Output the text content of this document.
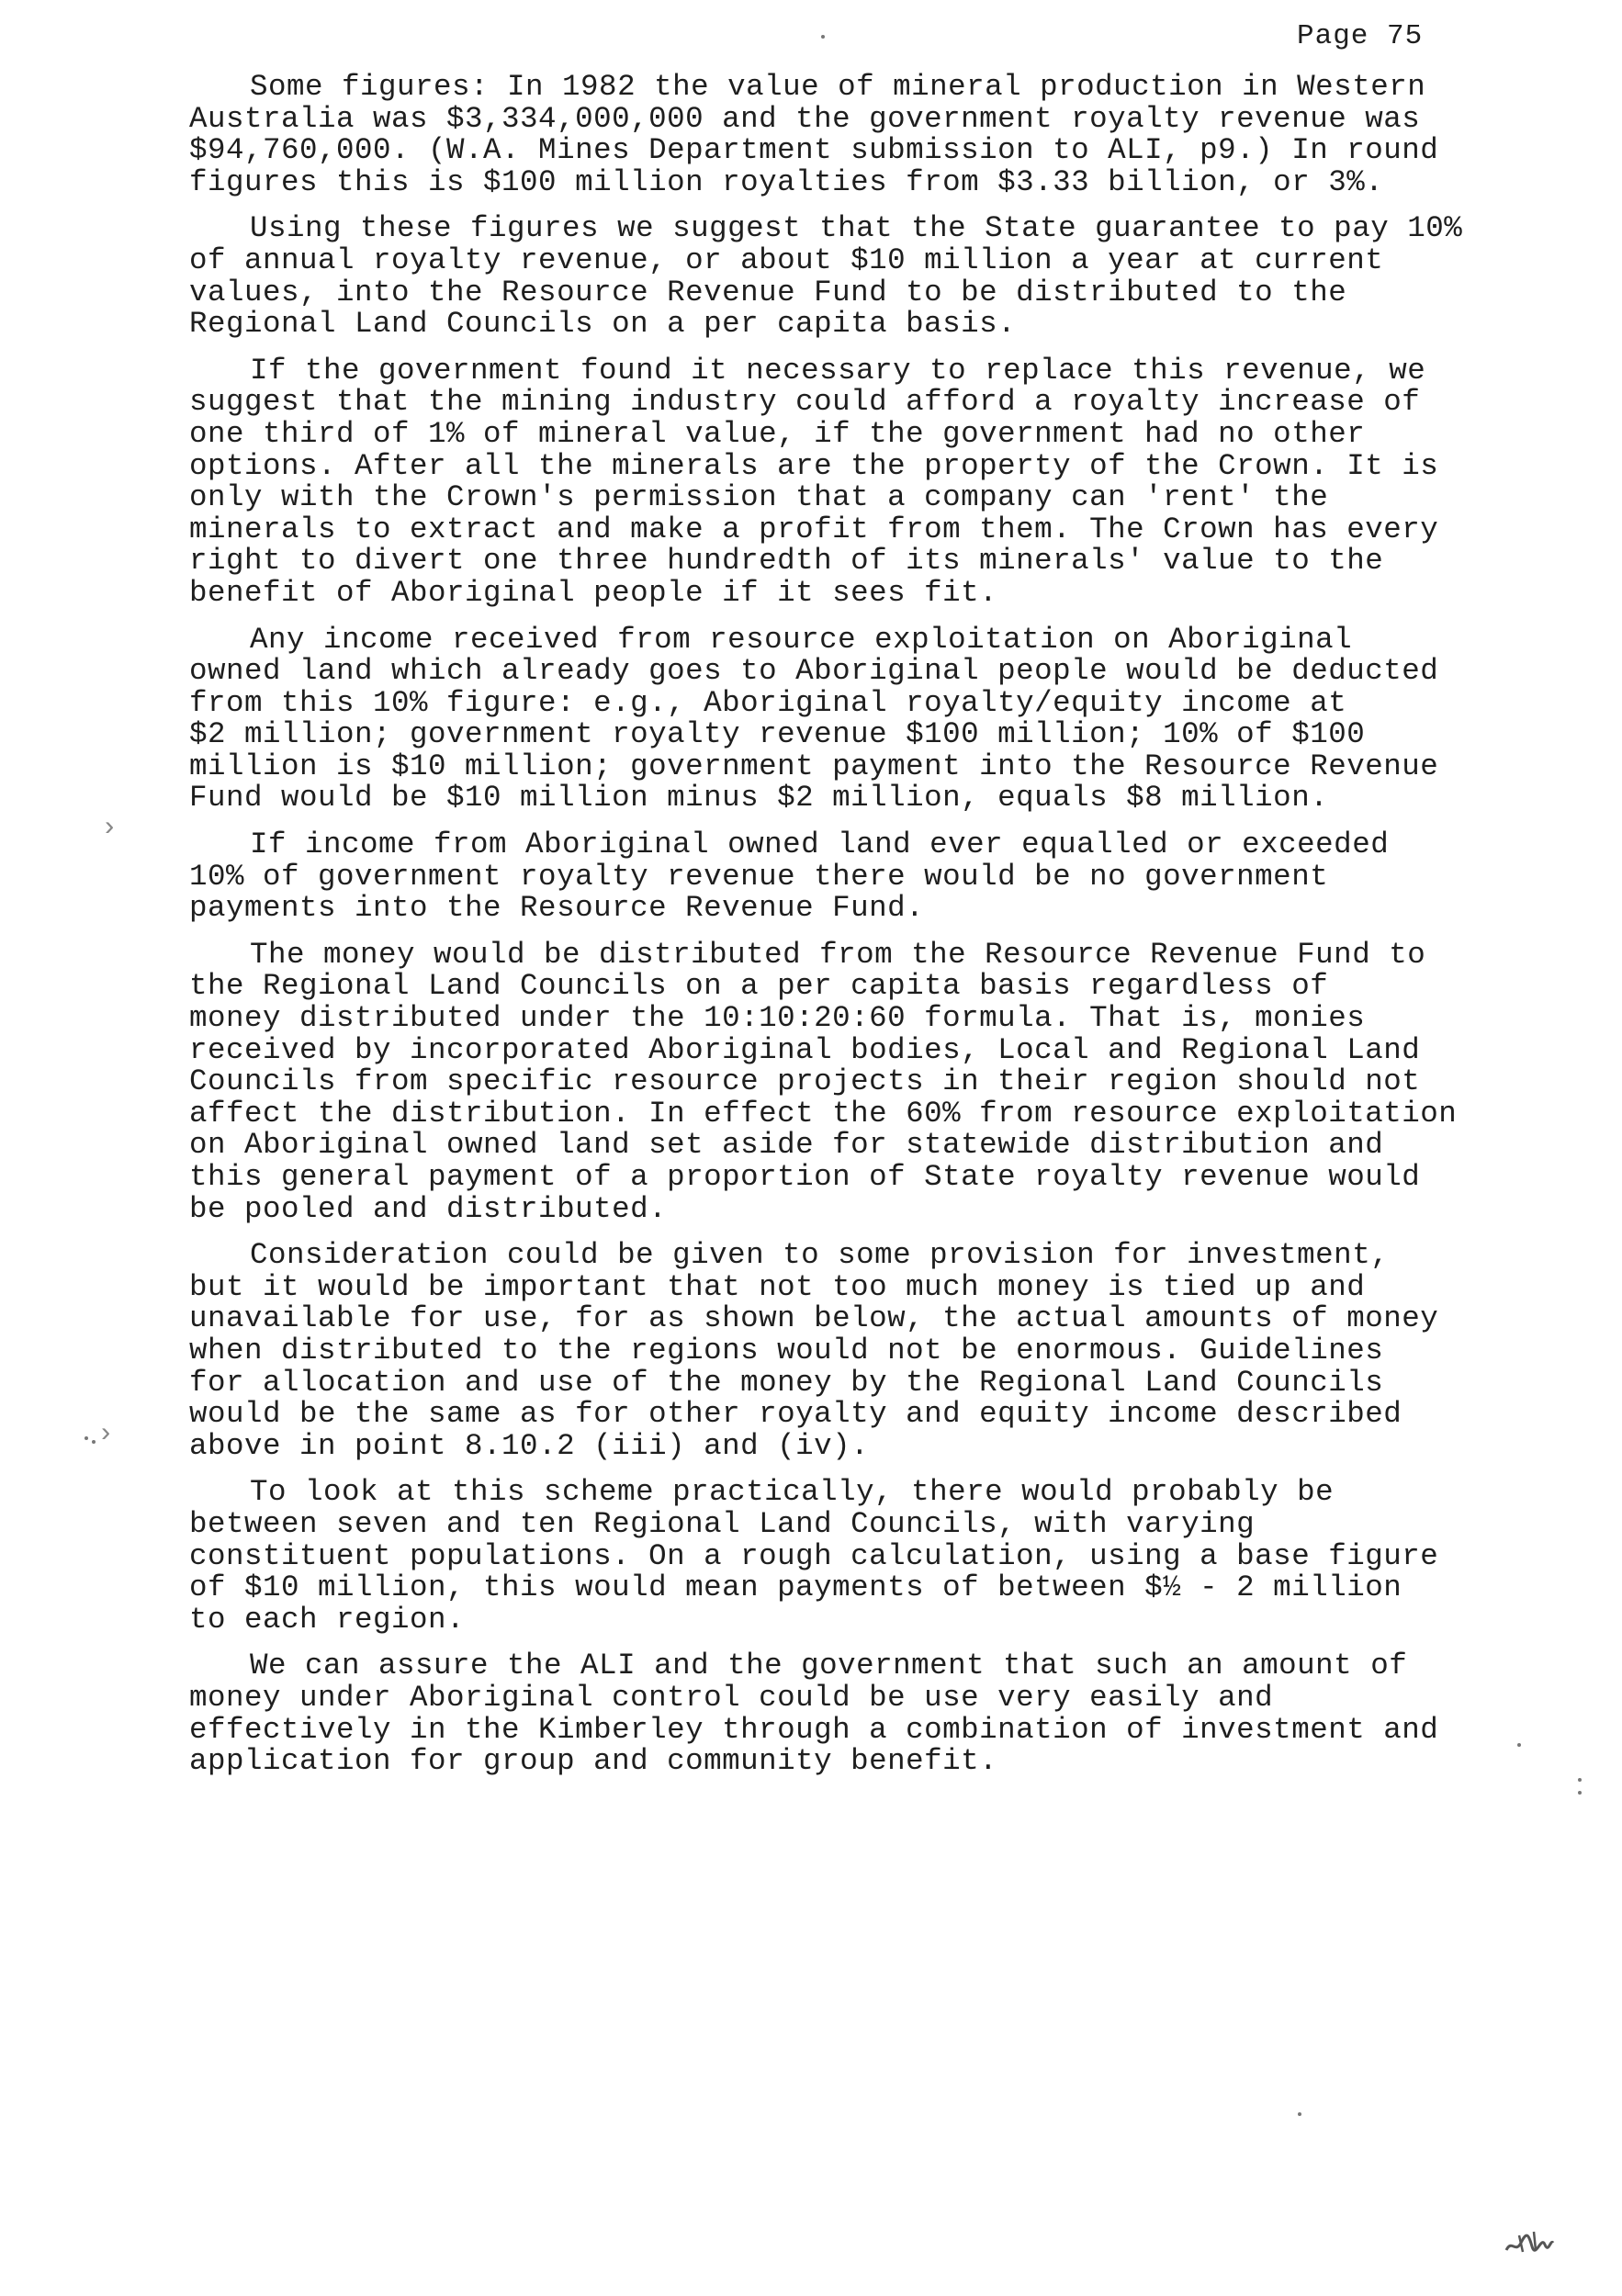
Page 75

Some figures: In 1982 the value of mineral production in Western
Australia was $3,334,000,000 and the government royalty revenue was
$94,760,000. (W.A. Mines Department submission to ALI, p9.) In round
figures this is $100 million royalties from $3.33 billion, or 3%.

Using these figures we suggest that the State guarantee to pay 10%
of annual royalty revenue, or about $10 million a year at current
values, into the Resource Revenue Fund to be distributed to the
Regional Land Councils on a per capita basis.

If the government found it necessary to replace this revenue, we
suggest that the mining industry could afford a royalty increase of
one third of 1% of mineral value, if the government had no other
options. After all the minerals are the property of the Crown. It is
only with the Crown's permission that a company can 'rent' the
minerals to extract and make a profit from them. The Crown has every
right to divert one three hundredth of its minerals' value to the
benefit of Aboriginal people if it sees fit.

Any income received from resource exploitation on Aboriginal
owned land which already goes to Aboriginal people would be deducted
from this 10% figure: e.g., Aboriginal royalty/equity income at
$2 million; government royalty revenue $100 million; 10% of $100
million is $10 million; government payment into the Resource Revenue
Fund would be $10 million minus $2 million, equals $8 million.

If income from Aboriginal owned land ever equalled or exceeded
10% of government royalty revenue there would be no government
payments into the Resource Revenue Fund.

The money would be distributed from the Resource Revenue Fund to
the Regional Land Councils on a per capita basis regardless of
money distributed under the 10:10:20:60 formula. That is, monies
received by incorporated Aboriginal bodies, Local and Regional Land
Councils from specific resource projects in their region should not
affect the distribution. In effect the 60% from resource exploitation
on Aboriginal owned land set aside for statewide distribution and
this general payment of a proportion of State royalty revenue would
be pooled and distributed.

Consideration could be given to some provision for investment,
but it would be important that not too much money is tied up and
unavailable for use, for as shown below, the actual amounts of money
when distributed to the regions would not be enormous. Guidelines
for allocation and use of the money by the Regional Land Councils
would be the same as for other royalty and equity income described
above in point 8.10.2 (iii) and (iv).

To look at this scheme practically, there would probably be
between seven and ten Regional Land Councils, with varying
constituent populations. On a rough calculation, using a base figure
of $10 million, this would mean payments of between $½ - 2 million
to each region.

We can assure the ALI and the government that such an amount of
money under Aboriginal control could be use very easily and
effectively in the Kimberley through a combination of investment and
application for group and community benefit.

›
›
